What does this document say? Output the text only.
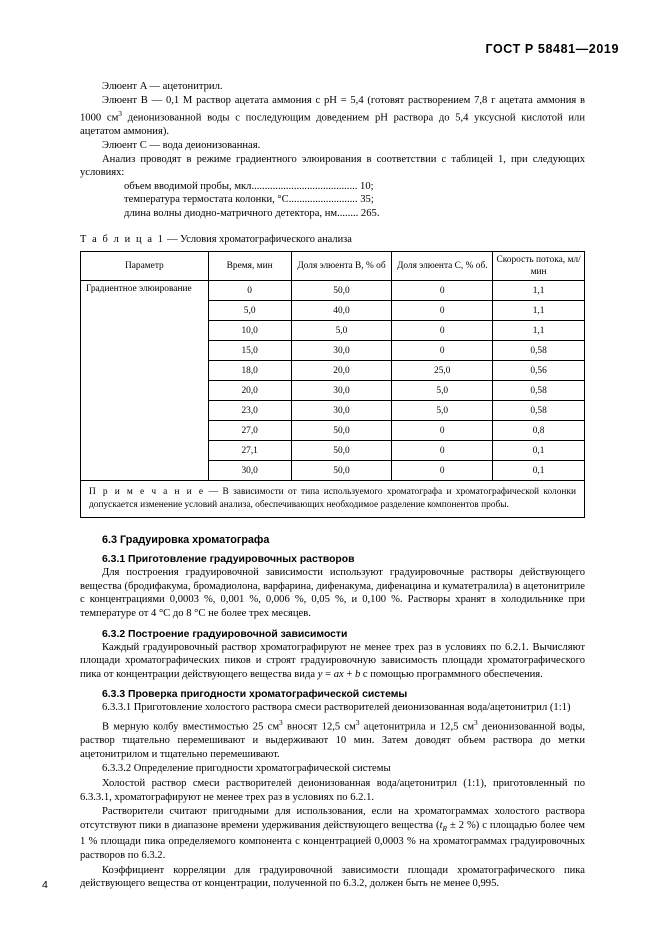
ГОСТ Р 58481—2019

Элюент A — ацетонитрил.

Элюент B — 0,1 M раствор ацетата аммония с pH = 5,4 (готовят растворением 7,8 г ацетата аммония в 1000 $см^3$ деионизованной воды с последующим доведением pH раствора до 5,4 уксусной кислотой или ацетатом аммония).

Элюент С — вода деионизованная.

Анализ проводят в режиме градиентного элюирования в соответствии с таблицей 1, при следующих условиях:

объем вводимой пробы, мкл........................................ 10;
температура термостата колонки, °С.......................... 35;
длина волны диодно-матричного детектора, нм........ 265.
Т а б л и ц а 1 — Условия хроматографического анализа
Параметр	Время, мин	Доля элюента B, % об	Доля элюента С, % об.	Скорость потока, мл/мин
Градиентное элюирование	0	50,0	0	1,1
	5,0	40,0	0	1,1
	10,0	5,0	0	1,1
	15,0	30,0	0	0,58
	18,0	20,0	25,0	0,56
	20,0	30,0	5,0	0,58
	23,0	30,0	5,0	0,58
	27,0	50,0	0	0,8
	27,1	50,0	0	0,1
	30,0	50,0	0	0,1
П р и м е ч а н и е — В зависимости от типа используемого хроматографа и хроматографической колонки допускается изменение условий анализа, обеспечивающих необходимое разделение компонентов пробы.
6.3 Градуировка хроматографа
6.3.1 Приготовление градуировочных растворов

Для построения градуировочной зависимости используют градуировочные растворы действующего вещества (бродифакума, бромадиолона, варфарина, дифенакума, дифенацина и куматетралила) в ацетонитриле с концентрациями 0,0003 %, 0,001 %, 0,006 %, 0,05 %, и 0,100 %. Растворы хранят в холодильнике при температуре от 4 °С до 8 °С не более трех месяцев.

6.3.2 Построение градуировочной зависимости

Каждый градуировочный раствор хроматографируют не менее трех раз в условиях по 6.2.1. Вычисляют площади хроматографических пиков и строят градуировочную зависимость площади хроматографического пика от концентрации действующего вещества вида y = ax + b с помощью программного обеспечения.

6.3.3 Проверка пригодности хроматографической системы

6.3.3.1 Приготовление холостого раствора смеси растворителей деионизованная вода/ацетонитрил (1:1)

В мерную колбу вместимостью 25 $см^3$ вносят 12,5 $см^3$ ацетонитрила и 12,5 $см^3$ деионизованной воды, раствор тщательно перемешивают и выдерживают 10 мин. Затем доводят объем раствора до метки ацетонитрилом и тщательно перемешивают.

6.3.3.2 Определение пригодности хроматографической системы

Холостой раствор смеси растворителей деионизованная вода/ацетонитрил (1:1), приготовленный по 6.3.3.1, хроматографируют не менее трех раз в условиях по 6.2.1.

Растворители считают пригодными для использования, если на хроматограммах холостого раствора отсутствуют пики в диапазоне времени удерживания действующего вещества ($t_R \pm 2$ %) с площадью более чем 1 % площади пика определяемого компонента с концентрацией 0,0003 % на хроматограммах градуировочных растворов по 6.3.2.

Коэффициент корреляции для градуировочной зависимости площади хроматографического пика действующего вещества от концентрации, полученной по 6.3.2, должен быть не менее 0,995.

4
